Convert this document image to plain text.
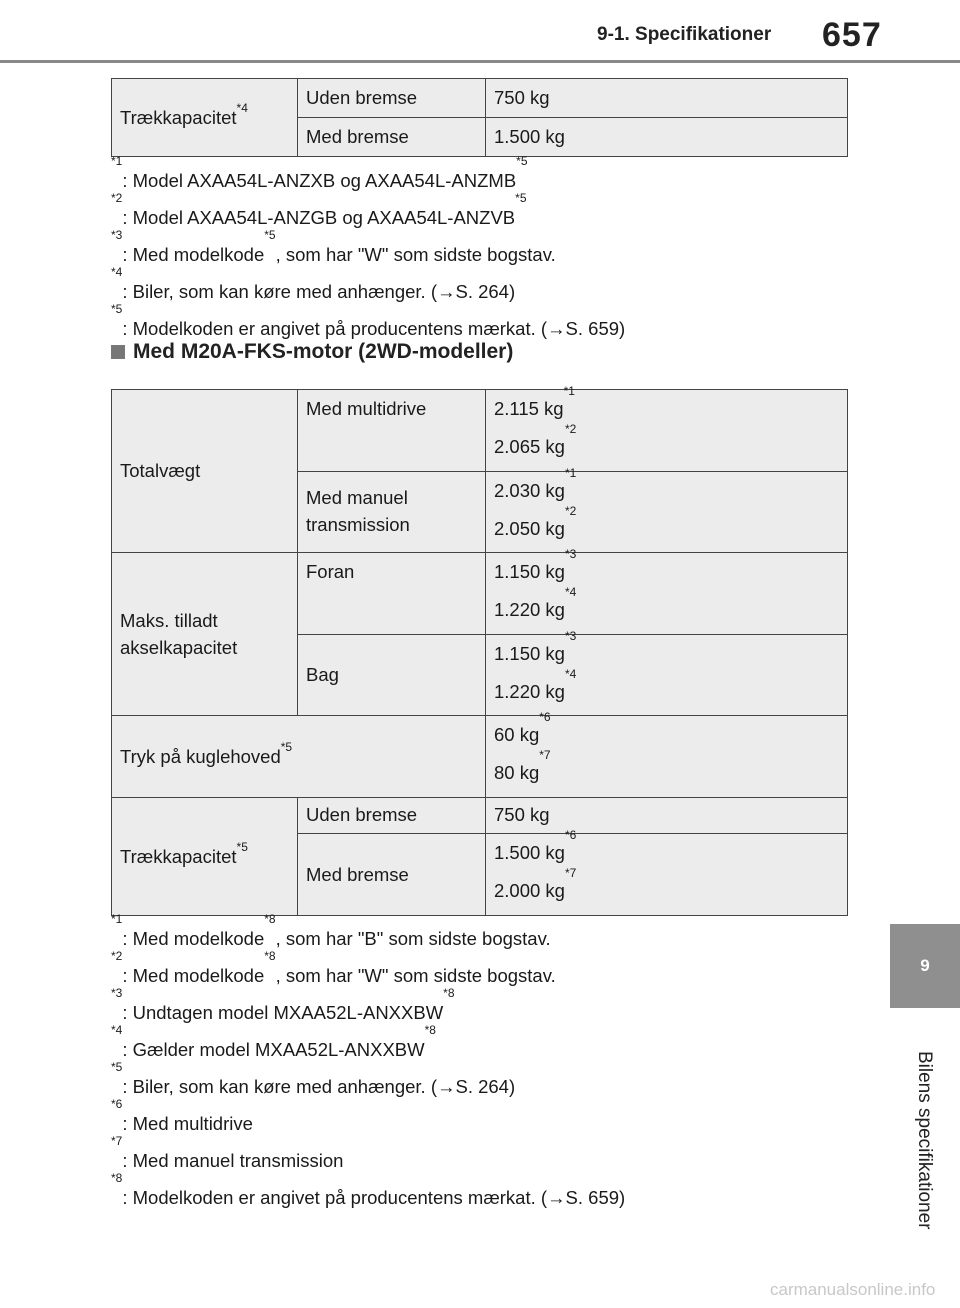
9-1. Specifikationer 657
9
Bilens specifikationer
Trækkapacitet$^{*4}$	Uden bremse	750 kg

	Med bremse	1.500 kg
$^{*1}$: Model AXAA54L-ANZXB og AXAA54L-ANZMB$^{*5}$
$^{*2}$: Model AXAA54L-ANZGB og AXAA54L-ANZVB$^{*5}$
$^{*3}$: Med modelkode$^{*5}$, som har "W" som sidste bogstav.
$^{*4}$: Biler, som kan køre med anhænger. (→S. 264)
$^{*5}$: Modelkoden er angivet på producentens mærkat. (→S. 659)
Med M20A-FKS-motor (2WD-modeller)
Totalvægt	Med multidrive	2.115 $kg^{*1}$
2.065 $kg^{*2}$

	Med manuel transmission	2.030 $kg^{*1}$
2.050 $kg^{*2}$

Maks. tilladt akselkapacitet	Foran	1.150 $kg^{*3}$
1.220 $kg^{*4}$

	Bag	1.150 $kg^{*3}$
1.220 $kg^{*4}$

Tryk på kuglehoved$^{*5}$		60 $kg^{*6}$
80 $kg^{*7}$

Trækkapacitet$^{*5}$	Uden bremse	750 kg

	Med bremse	1.500 $kg^{*6}$
2.000 $kg^{*7}$
$^{*1}$: Med modelkode$^{*8}$, som har "B" som sidste bogstav.
$^{*2}$: Med modelkode$^{*8}$, som har "W" som sidste bogstav.
$^{*3}$: Undtagen model MXAA52L-ANXXBW$^{*8}$
$^{*4}$: Gælder model MXAA52L-ANXXBW$^{*8}$
$^{*5}$: Biler, som kan køre med anhænger. (→S. 264)
$^{*6}$: Med multidrive
$^{*7}$: Med manuel transmission
$^{*8}$: Modelkoden er angivet på producentens mærkat. (→S. 659)
carmanualsonline.info
